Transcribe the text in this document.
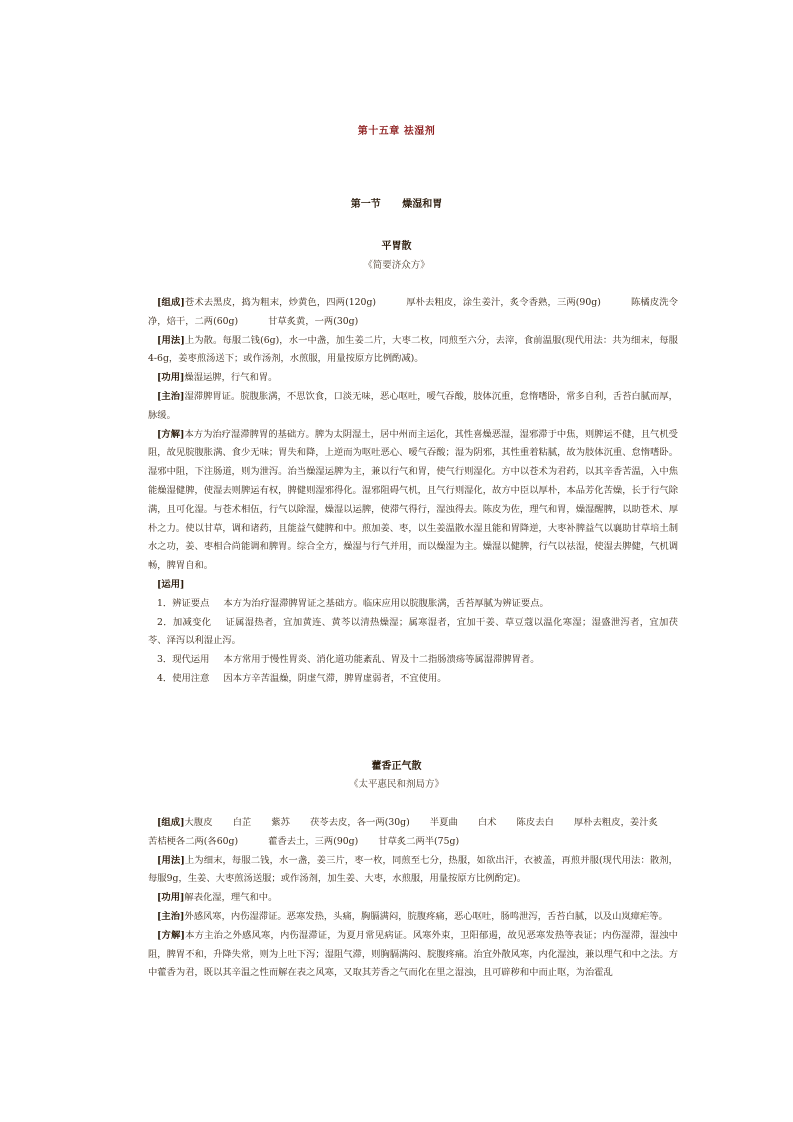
第十五章 祛湿剂
第一节　 燥湿和胃
平胃散
《简要济众方》

[组成]苍术去黑皮，捣为粗末，炒黄色，四两(120g)	厚朴去粗皮，涂生姜汁，炙令香熟，三两(90g)	陈橘皮洗令净，焙干，二两(60g)	甘草炙黄，一两(30g)

[用法]上为散。每服二钱(6g)，水一中盏，加生姜二片，大枣二枚，同煎至六分，去滓，食前温服(现代用法：共为细末，每服4-6g，姜枣煎汤送下；或作汤剂，水煎服，用量按原方比例酌减)。

[功用]燥湿运脾，行气和胃。

[主治]湿滞脾胃证。脘腹胀满，不思饮食，口淡无味，恶心呕吐，嗳气吞酸，肢体沉重，怠惰嗜卧，常多自利，舌苔白腻而厚，脉缓。

[方解]本方为治疗湿滞脾胃的基础方。脾为太阴湿土，居中州而主运化，其性喜燥恶湿，湿邪滞于中焦，则脾运不健，且气机受阻，故见脘腹胀满、食少无味；胃失和降，上逆而为呕吐恶心、嗳气吞酸；湿为阴邪，其性重着粘腻，故为肢体沉重、怠惰嗜卧。湿邪中阻，下注肠道，则为泄泻。治当燥湿运脾为主，兼以行气和胃，使气行则湿化。方中以苍术为君药，以其辛香苦温，入中焦能燥湿健脾，使湿去则脾运有权，脾健则湿邪得化。湿邪阻碍气机，且气行则湿化，故方中臣以厚朴，本品芳化苦燥，长于行气除满，且可化湿。与苍术相伍，行气以除湿，燥湿以运脾，使滞气得行，湿浊得去。陈皮为佐，理气和胃，燥湿醒脾，以助苍术、厚朴之力。使以甘草，调和诸药，且能益气健脾和中。煎加姜、枣，以生姜温散水湿且能和胃降逆，大枣补脾益气以襄助甘草培土制水之功，姜、枣相合尚能调和脾胃。综合全方，燥湿与行气并用，而以燥湿为主。燥湿以健脾，行气以祛湿，使湿去脾健，气机调畅，脾胃自和。

[运用]

1．辨证要点 本方为治疗湿滞脾胃证之基础方。临床应用以脘腹胀满，舌苔厚腻为辨证要点。

2．加减变化 证属湿热者，宜加黄连、黄芩以清热燥湿；属寒湿者，宜加干姜、草豆蔻以温化寒湿；湿盛泄泻者，宜加茯苓、泽泻以利湿止泻。

3．现代运用 本方常用于慢性胃炎、消化道功能紊乱、胃及十二指肠溃疡等属湿滞脾胃者。

4．使用注意 因本方辛苦温燥，阴虚气滞，脾胃虚弱者，不宜使用。

藿香正气散
《太平惠民和剂局方》

[组成]大腹皮 白芷 紫苏 茯苓去皮，各一两(30g) 半夏曲 白术 陈皮去白 厚朴去粗皮，姜汁炙苦桔梗各二两(各60g)	藿香去土，三两(90g) 甘草炙二两半(75g)

[用法]上为细末，每服二钱，水一盏，姜三片，枣一枚，同煎至七分，热服，如欲出汗，衣被盖，再煎并服(现代用法：散剂，每服9g，生姜、大枣煎汤送服；或作汤剂，加生姜、大枣，水煎服，用量按原方比例酌定)。

[功用]解表化湿，理气和中。

[主治]外感风寒，内伤湿滞证。恶寒发热，头痛，胸膈满闷，脘腹疼痛，恶心呕吐，肠鸣泄泻，舌苔白腻，以及山岚瘴疟等。

[方解]本方主治之外感风寒，内伤湿滞证，为夏月常见病证。风寒外束，卫阳郁遏，故见恶寒发热等表证；内伤湿滞，湿浊中阻，脾胃不和，升降失常，则为上吐下泻；湿阻气滞，则胸膈满闷、脘腹疼痛。治宜外散风寒，内化湿浊，兼以理气和中之法。方中藿香为君，既以其辛温之性而解在表之风寒，又取其芳香之气而化在里之湿浊，且可辟秽和中而止呕，为治霍乱
